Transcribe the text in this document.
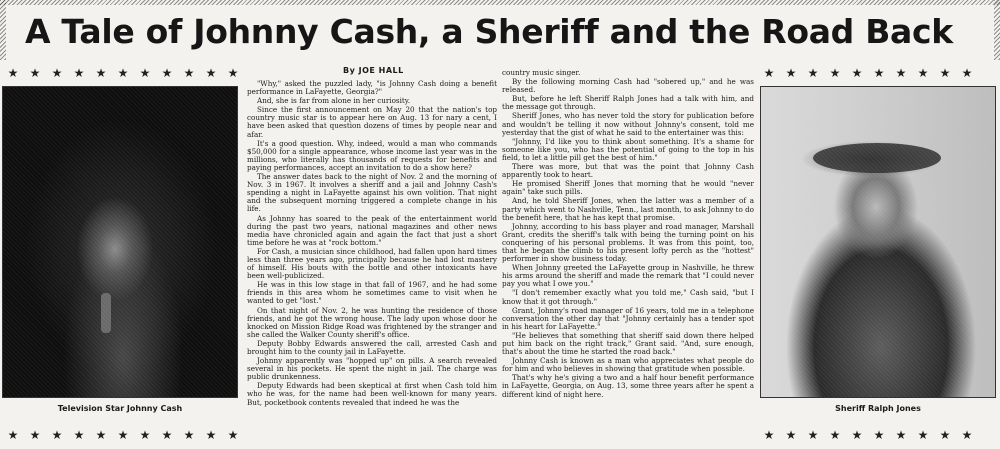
A Tale of Johnny Cash, a Sheriff and the Road Back
★ ★ ★ ★ ★ ★ ★ ★ ★ ★ ★	★ ★ ★ ★ ★ ★ ★ ★ ★ ★
By JOE HALL
Television Star Johnny Cash	Sheriff Ralph Jones

"Why," asked the puzzled lady, "is Johnny Cash doing a benefit performance in LaFayette, Georgia?"

And, she is far from alone in her curiosity.

Since the first announcement on May 20 that the nation's top country music star is to appear here on Aug. 13 for nary a cent, I have been asked that question dozens of times by people near and afar.

It's a good question. Why, indeed, would a man who commands $50,000 for a single appearance, whose income last year was in the millions, who literally has thousands of requests for benefits and paying performances, accept an invitation to do a show here?

The answer dates back to the night of Nov. 2 and the morning of Nov. 3 in 1967. It involves a sheriff and a jail and Johnny Cash's spending a night in LaFayette against his own volition. That night and the subsequent morning triggered a complete change in his life.

As Johnny has soared to the peak of the entertainment world during the past two years, national magazines and other news media have chronicled again and again the fact that just a short time before he was at "rock bottom."

For Cash, a musician since childhood, had fallen upon hard times less than three years ago, principally because he had lost mastery of himself. His bouts with the bottle and other intoxicants have been well-publicized.

He was in this low stage in that fall of 1967, and he had some friends in this area whom he sometimes came to visit when he wanted to get "lost."

On that night of Nov. 2, he was hunting the residence of those friends, and he got the wrong house. The lady upon whose door he knocked on Mission Ridge Road was frightened by the stranger and she called the Walker County sheriff's office.

Deputy Bobby Edwards answered the call, arrested Cash and brought him to the county jail in LaFayette.

Johnny apparently was "hopped up" on pills. A search revealed several in his pockets. He spent the night in jail. The charge was public drunkenness.

Deputy Edwards had been skeptical at first when Cash told him who he was, for the name had been well-known for many years. But, pocketbook contents revealed that indeed he was the

country music singer.

By the following morning Cash had "sobered up," and he was released.

But, before he left Sheriff Ralph Jones had a talk with him, and the message got through.

Sheriff Jones, who has never told the story for publication before and wouldn't be telling it now without Johnny's consent, told me yesterday that the gist of what he said to the entertainer was this:

"Johnny, I'd like you to think about something. It's a shame for someone like you, who has the potential of going to the top in his field, to let a little pill get the best of him."

There was more, but that was the point that Johnny Cash apparently took to heart.

He promised Sheriff Jones that morning that he would "never again" take such pills.

And, he told Sheriff Jones, when the latter was a member of a party which went to Nashville, Tenn., last month, to ask Johnny to do the benefit here, that he has kept that promise.

Johnny, according to his bass player and road manager, Marshall Grant, credits the sheriff's talk with being the turning point on his conquering of his personal problems. It was from this point, too, that he began the climb to his present lofty perch as the "hottest" performer in show business today.

When Johnny greeted the LaFayette group in Nashville, he threw his arms around the sheriff and made the remark that "I could never pay you what I owe you."

"I don't remember exactly what you told me," Cash said, "but I know that it got through."

Grant, Johnny's road manager of 16 years, told me in a telephone conversation the other day that "Johnny certainly has a tender spot in his heart for LaFayette."

"He believes that something that sheriff said down there helped put him back on the right track," Grant said. "And, sure enough, that's about the time he started the road back."

Johnny Cash is known as a man who appreciates what people do for him and who believes in showing that gratitude when possible.

That's why he's giving a two and a half hour benefit performance in LaFayette, Georgia, on Aug. 13, some three years after he spent a different kind of night here.

★ ★ ★ ★ ★ ★ ★ ★ ★ ★ ★	★ ★ ★ ★ ★ ★ ★ ★ ★ ★
